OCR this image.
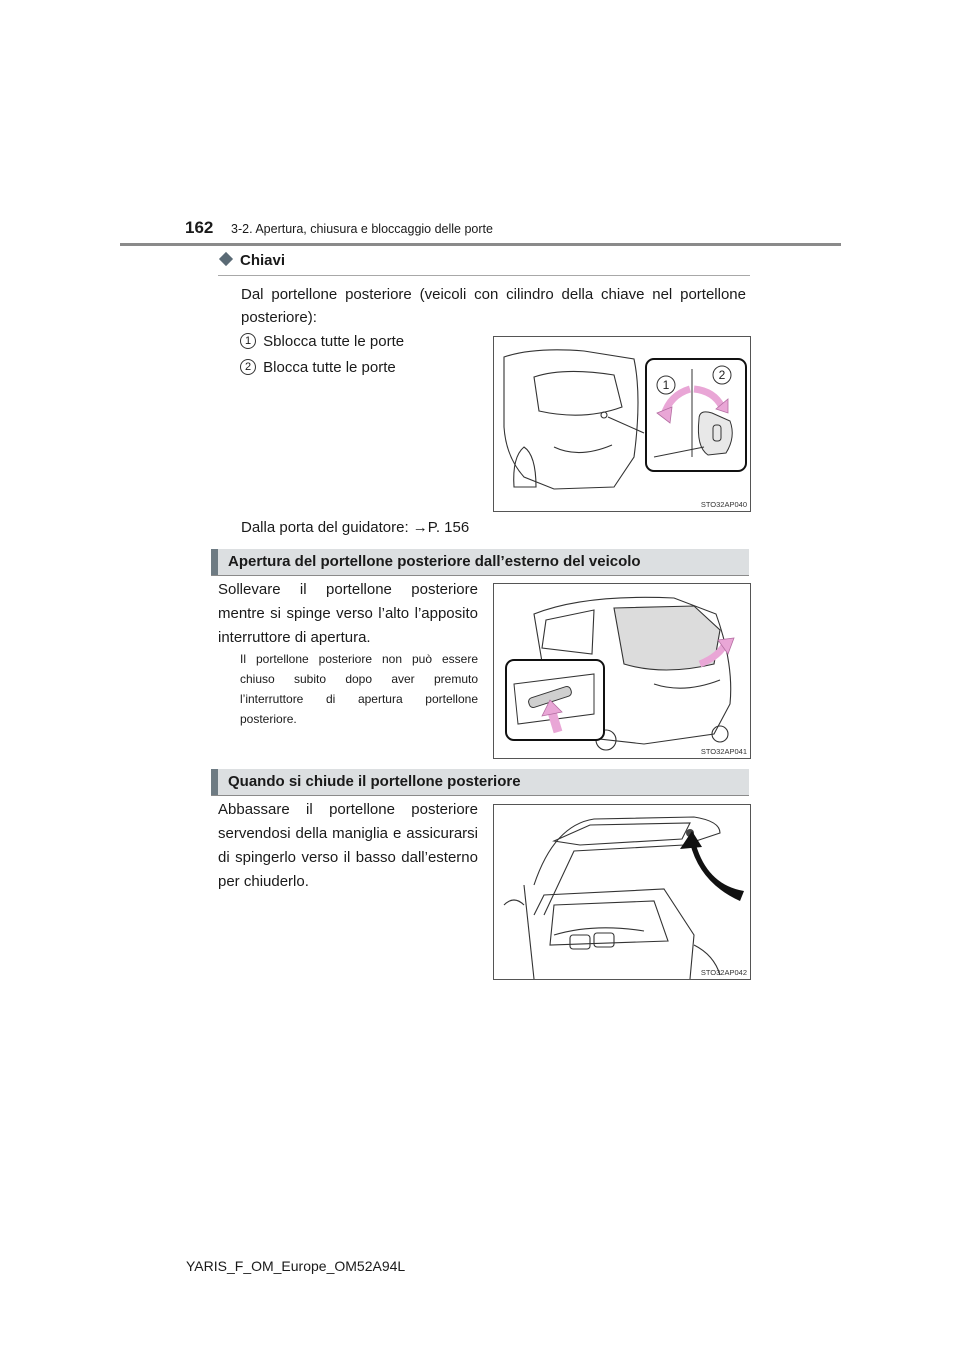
162 3-2. Apertura, chiusura e bloccaggio delle porte
Chiavi
Dal portellone posteriore (veicoli con cilindro della chiave nel portellone posteriore):
1 Sblocca tutte le porte
2 Blocca tutte le porte
Dalla porta del guidatore: →P. 156
1
2
STO32AP040
Apertura del portellone posteriore dall’esterno del veicolo
Sollevare il portellone posteriore mentre si spinge verso l’alto l’apposito interruttore di apertura.
Il portellone posteriore non può essere chiuso subito dopo aver premuto l’interruttore di apertura portellone posteriore.
STO32AP041
Quando si chiude il portellone posteriore
Abbassare il portellone posteriore servendosi della maniglia e assicurarsi di spingerlo verso il basso dall’esterno per chiuderlo.
STO32AP042
YARIS_F_OM_Europe_OM52A94L
